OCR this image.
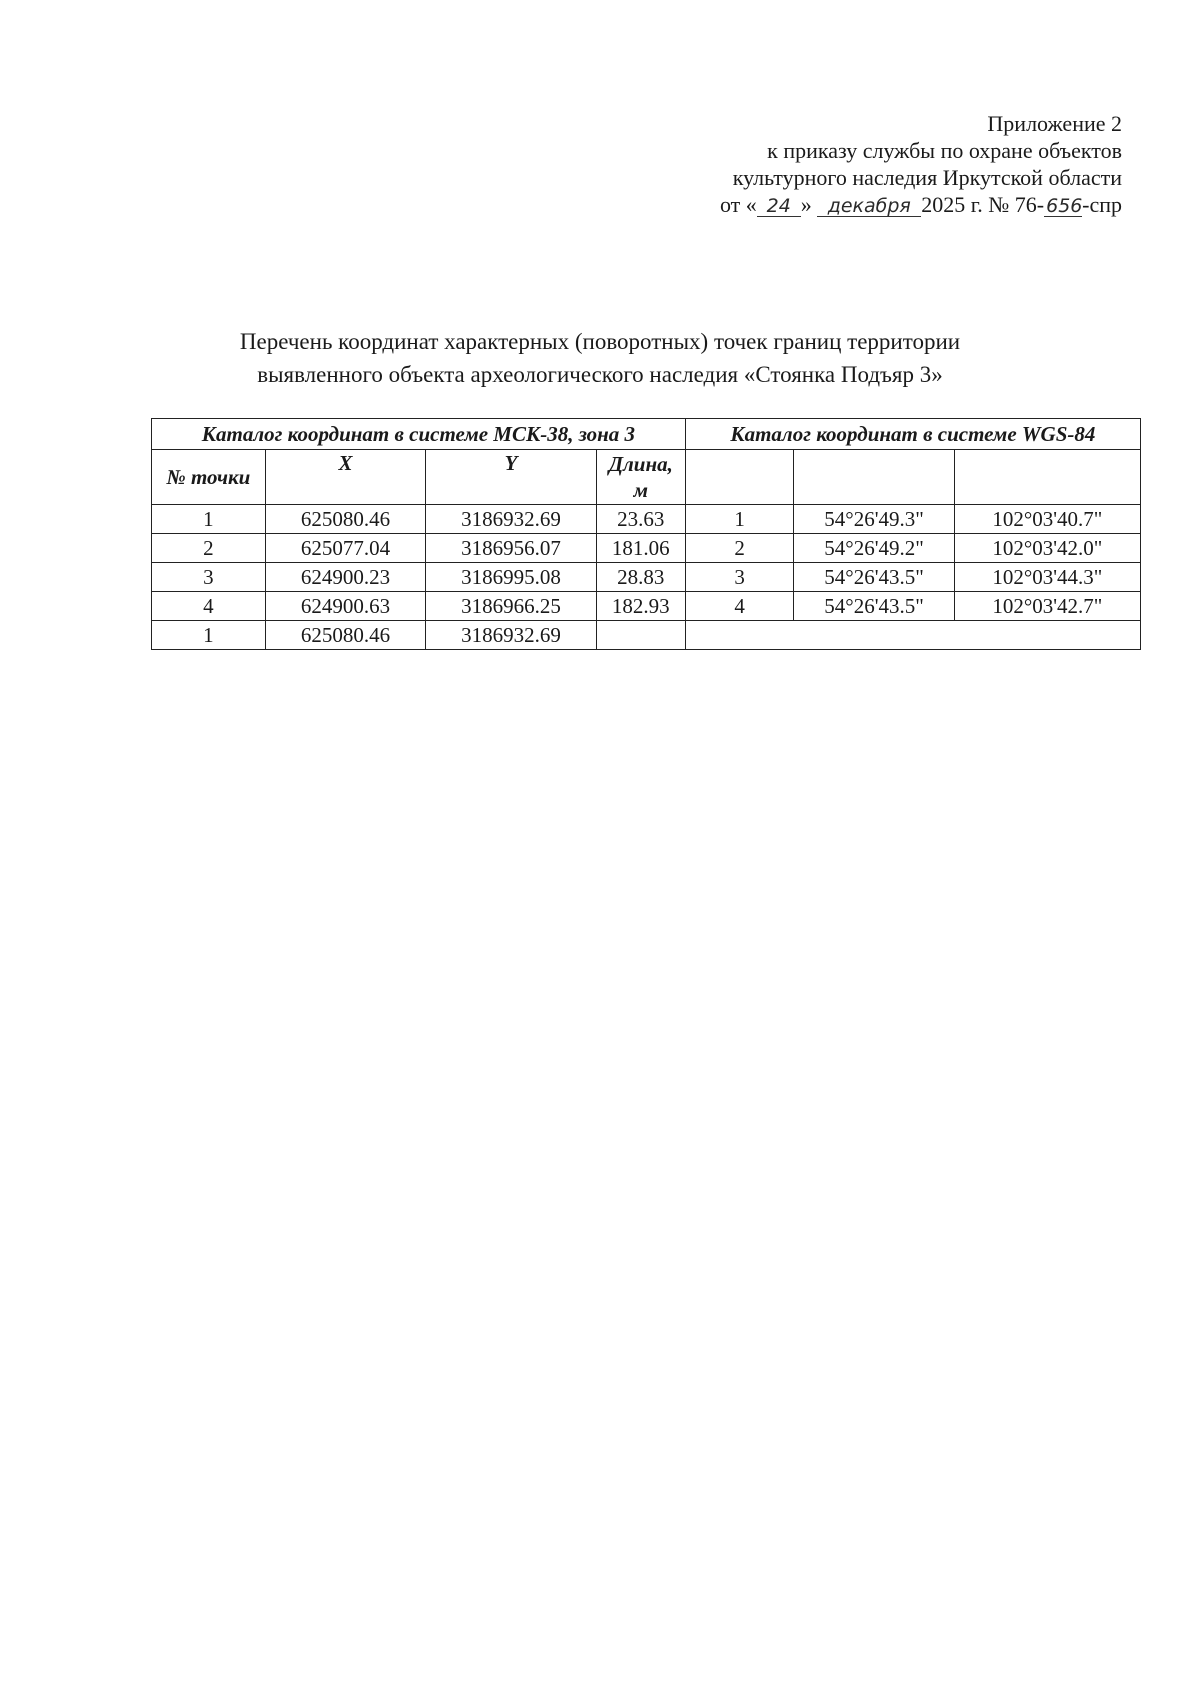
Приложение 2
к приказу службы по охране объектов
культурного наследия Иркутской области
от « 24 » декабря 2025 г. № 76- 656-спр
Перечень координат характерных (поворотных) точек границ территории
выявленного объекта археологического наследия «Стоянка Подъяр 3»
Каталог координат в системе МСК-38, зона 3				Каталог координат в системе WGS-84		
№ точки	X	Y	Длина, м			
1	625080.46	3186932.69	23.63	1	54°26'49.3"	102°03'40.7"
2	625077.04	3186956.07	181.06	2	54°26'49.2"	102°03'42.0"
3	624900.23	3186995.08	28.83	3	54°26'43.5"	102°03'44.3"
4	624900.63	3186966.25	182.93	4	54°26'43.5"	102°03'42.7"
1	625080.46	3186932.69				
